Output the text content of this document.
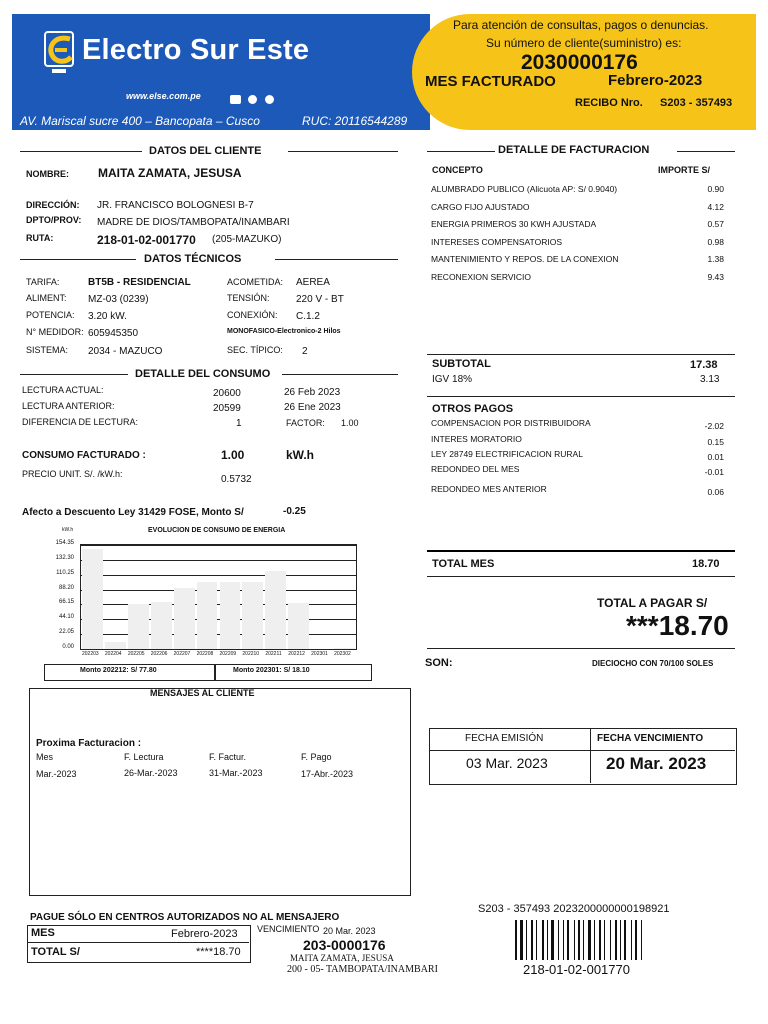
Electro Sur Este
www.else.com.pe

AV. Mariscal sucre 400 – Bancopata – Cusco	RUC: 20116544289
Para atención de consultas, pagos o denuncias.
Su número de cliente(suministro) es:
2030000176
MES FACTURADO	Febrero-2023
RECIBO Nro. S203 - 357493
DATOS DEL CLIENTE
NOMBRE: MAITA ZAMATA, JESUSA
DIRECCIÓN: JR. FRANCISCO BOLOGNESI B-7
DPTO/PROV: MADRE DE DIOS/TAMBOPATA/INAMBARI
RUTA:	218-01-02-001770 (205-MAZUKO)
DATOS TÉCNICOS
TARIFA:	BT5B - RESIDENCIAL
ALIMENT: MZ-03 (0239)
POTENCIA: 3.20 kW.
N° MEDIDOR: 605945350
SISTEMA: 2034 - MAZUCO
ACOMETIDA: AEREA
TENSIÓN:	220 V - BT
CONEXIÓN: C.1.2
MONOFASICO-Electronico-2 Hilos
SEC. TÍPICO: 2
DETALLE DEL CONSUMO
LECTURA ACTUAL:	20600	26 Feb 2023
LECTURA ANTERIOR:	20599	26 Ene 2023
DIFERENCIA DE LECTURA:	1	FACTOR: 1.00
CONSUMO FACTURADO :	1.00	kW.h
PRECIO UNIT. S/. /kW.h:	0.5732
Afecto a Descuento Ley 31429 FOSE, Monto S/	-0.25
kW.h	EVOLUCION DE CONSUMO DE ENERGIA
154.35
132.30
110.25
88.20
66.15
44.10
22.05
0.00
202203 202204 202205 202206 202207 202208 202209 202210 202211 202212 202301 202302
Monto 202212: S/ 77.80	Monto 202301: S/ 18.10
DETALLE DE FACTURACION
CONCEPTO	IMPORTE S/
ALUMBRADO PUBLICO (Alicuota AP: S/ 0.9040)	0.90
CARGO FIJO AJUSTADO	4.12
ENERGIA PRIMEROS 30 KWH AJUSTADA	0.57
INTERESES COMPENSATORIOS	0.98
MANTENIMIENTO Y REPOS. DE LA CONEXION	1.38
RECONEXION SERVICIO	9.43
SUBTOTAL	17.38
IGV 18%	3.13
OTROS PAGOS
COMPENSACION POR DISTRIBUIDORA	-2.02
INTERES MORATORIO	0.15
LEY 28749 ELECTRIFICACION RURAL	0.01
REDONDEO DEL MES	-0.01
REDONDEO MES ANTERIOR	0.06
TOTAL MES	18.70
TOTAL A PAGAR S/
***18.70
SON:	DIECIOCHO CON 70/100 SOLES
MENSAJES AL CLIENTE
Proxima Facturacion :
Mes	F. Lectura	F. Factur.	F. Pago
Mar.-2023	26-Mar.-2023	31-Mar.-2023	17-Abr.-2023
FECHA EMISIÓN	FECHA VENCIMIENTO
03 Mar. 2023	20 Mar. 2023
PAGUE SÓLO EN CENTROS AUTORIZADOS NO AL MENSAJERO
MES	Febrero-2023
TOTAL S/	****18.70
VENCIMIENTO 20 Mar. 2023
203-0000176
MAITA ZAMATA, JESUSA
200 - 05- TAMBOPATA/INAMBARI
S203 - 357493 2023200000000198921
218-01-02-001770
